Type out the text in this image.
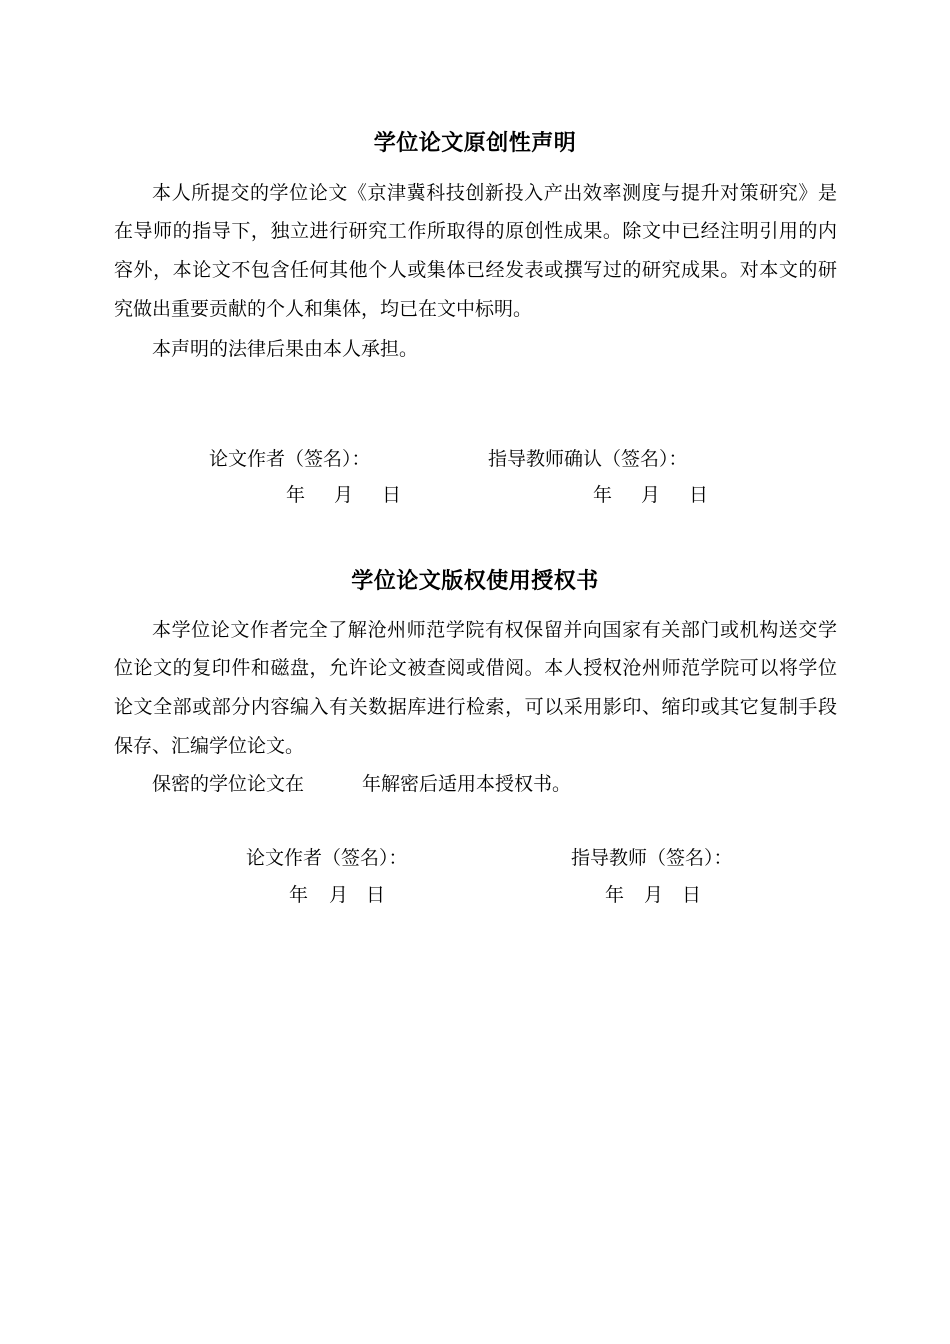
学位论文原创性声明
本人所提交的学位论文《京津冀科技创新投入产出效率测度与提升对策研究》是
在导师的指导下，独立进行研究工作所取得的原创性成果。除文中已经注明引用的内
容外，本论文不包含任何其他个人或集体已经发表或撰写过的研究成果。对本文的研
究做出重要贡献的个人和集体，均已在文中标明。
本声明的法律后果由本人承担。
论文作者（签名）：	指导教师确认（签名）：
年 月 日	年 月 日
学位论文版权使用授权书
本学位论文作者完全了解沧州师范学院有权保留并向国家有关部门或机构送交学
位论文的复印件和磁盘，允许论文被查阅或借阅。本人授权沧州师范学院可以将学位
论文全部或部分内容编入有关数据库进行检索，可以采用影印、缩印或其它复制手段
保存、汇编学位论文。
保密的学位论文在	年解密后适用本授权书。
论文作者（签名）：	指导教师（签名）：
年 月 日	年 月 日
